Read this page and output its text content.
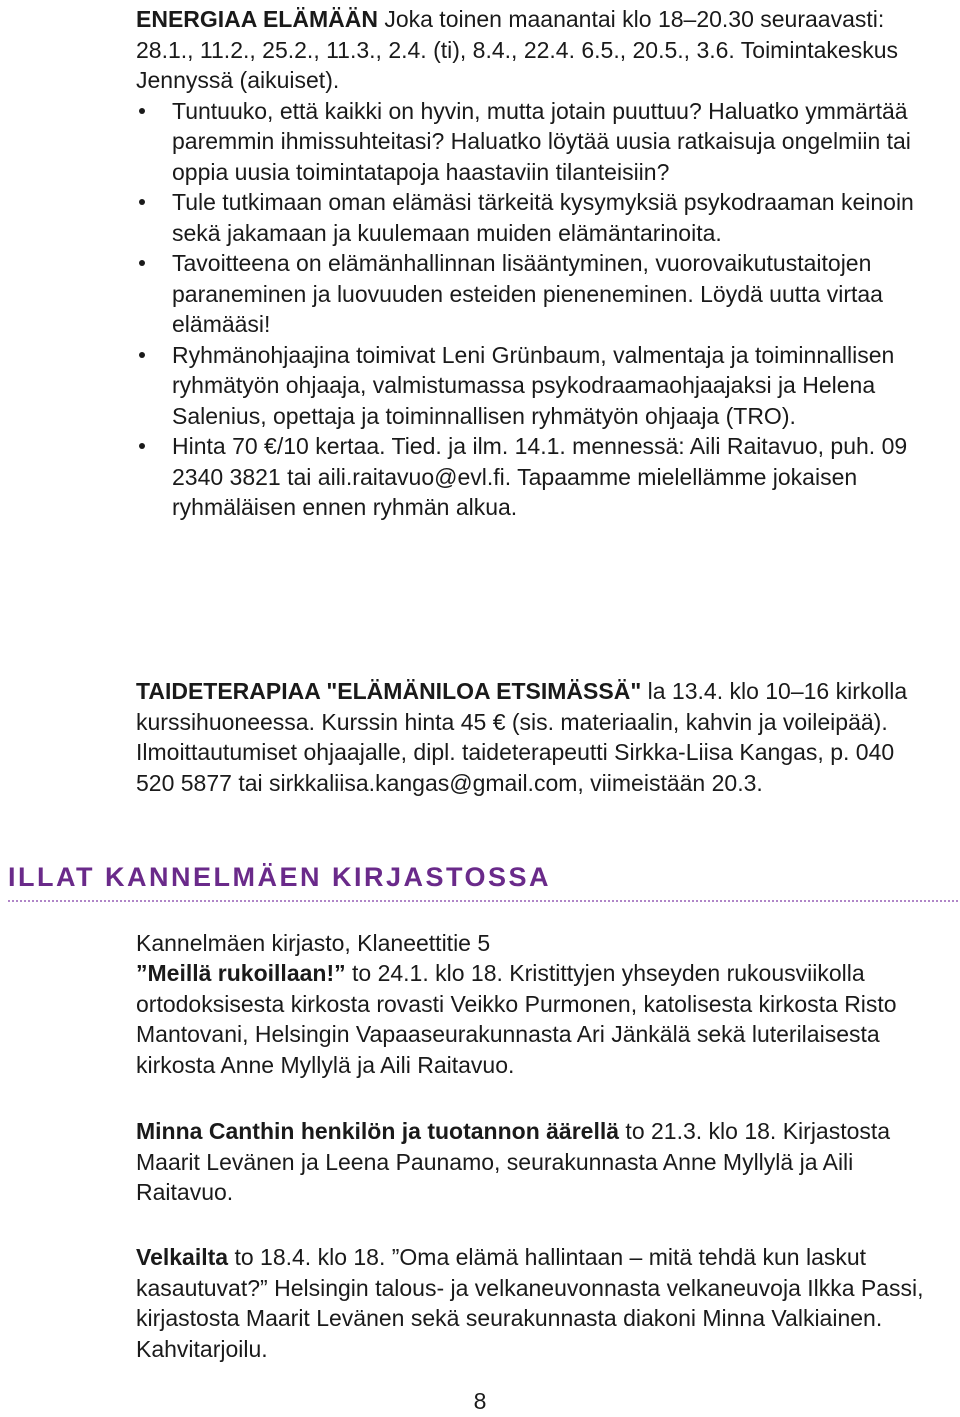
ENERGIAA ELÄMÄÄN Joka toinen maanantai klo 18–20.30 seuraavasti: 28.1., 11.2., 25.2., 11.3., 2.4. (ti), 8.4., 22.4. 6.5., 20.5., 3.6. Toimintakeskus Jennyssä (aikuiset).

Tuntuuko, että kaikki on hyvin, mutta jotain puuttuu? Haluatko ymmärtää paremmin ihmissuhteitasi? Haluatko löytää uusia ratkaisuja ongelmiin tai oppia uusia toimintatapoja haastaviin tilanteisiin?
Tule tutkimaan oman elämäsi tärkeitä kysymyksiä psykodraaman keinoin sekä jakamaan ja kuulemaan muiden elämäntarinoita.
Tavoitteena on elämänhallinnan lisääntyminen, vuorovaikutustaitojen paraneminen ja luovuuden esteiden pieneneminen. Löydä uutta virtaa elämääsi!
Ryhmänohjaajina toimivat Leni Grünbaum, valmentaja ja toiminnallisen ryhmätyön ohjaaja, valmistumassa psykodraamaohjaajaksi ja Helena Salenius, opettaja ja toiminnallisen ryhmätyön ohjaaja (TRO).
Hinta 70 €/10 kertaa. Tied. ja ilm. 14.1. mennessä: Aili Raitavuo, puh. 09 2340 3821 tai aili.raitavuo@evl.fi. Tapaamme mielellämme jokaisen ryhmäläisen ennen ryhmän alkua.

TAIDETERAPIAA "ELÄMÄNILOA ETSIMÄSSÄ" la 13.4. klo 10–16 kirkolla kurssihuoneessa. Kurssin hinta 45 € (sis. materiaalin, kahvin ja voileipää). Ilmoittautumiset ohjaajalle, dipl. taideterapeutti Sirkka-Liisa Kangas, p. 040 520 5877 tai sirkkaliisa.kangas@gmail.com, viimeistään 20.3.

ILLAT KANNELMÄEN KIRJASTOSSA

Kannelmäen kirjasto, Klaneettitie 5

”Meillä rukoillaan!” to 24.1. klo 18. Kristittyjen yhseyden rukousviikolla ortodoksisesta kirkosta rovasti Veikko Purmonen, katolisesta kirkosta Risto Mantovani, Helsingin Vapaaseurakunnasta Ari Jänkälä sekä luterilaisesta kirkosta Anne Myllylä ja Aili Raitavuo.

Minna Canthin henkilön ja tuotannon äärellä to 21.3. klo 18. Kirjastosta Maarit Levänen ja Leena Paunamo, seurakunnasta Anne Myllylä ja Aili Raitavuo.

Velkailta to 18.4. klo 18. ”Oma elämä hallintaan – mitä tehdä kun laskut kasautuvat?” Helsingin talous- ja velkaneuvonnasta velkaneuvoja Ilkka Passi, kirjastosta Maarit Levänen sekä seurakunnasta diakoni Minna Valkiainen. Kahvitarjoilu.

8
